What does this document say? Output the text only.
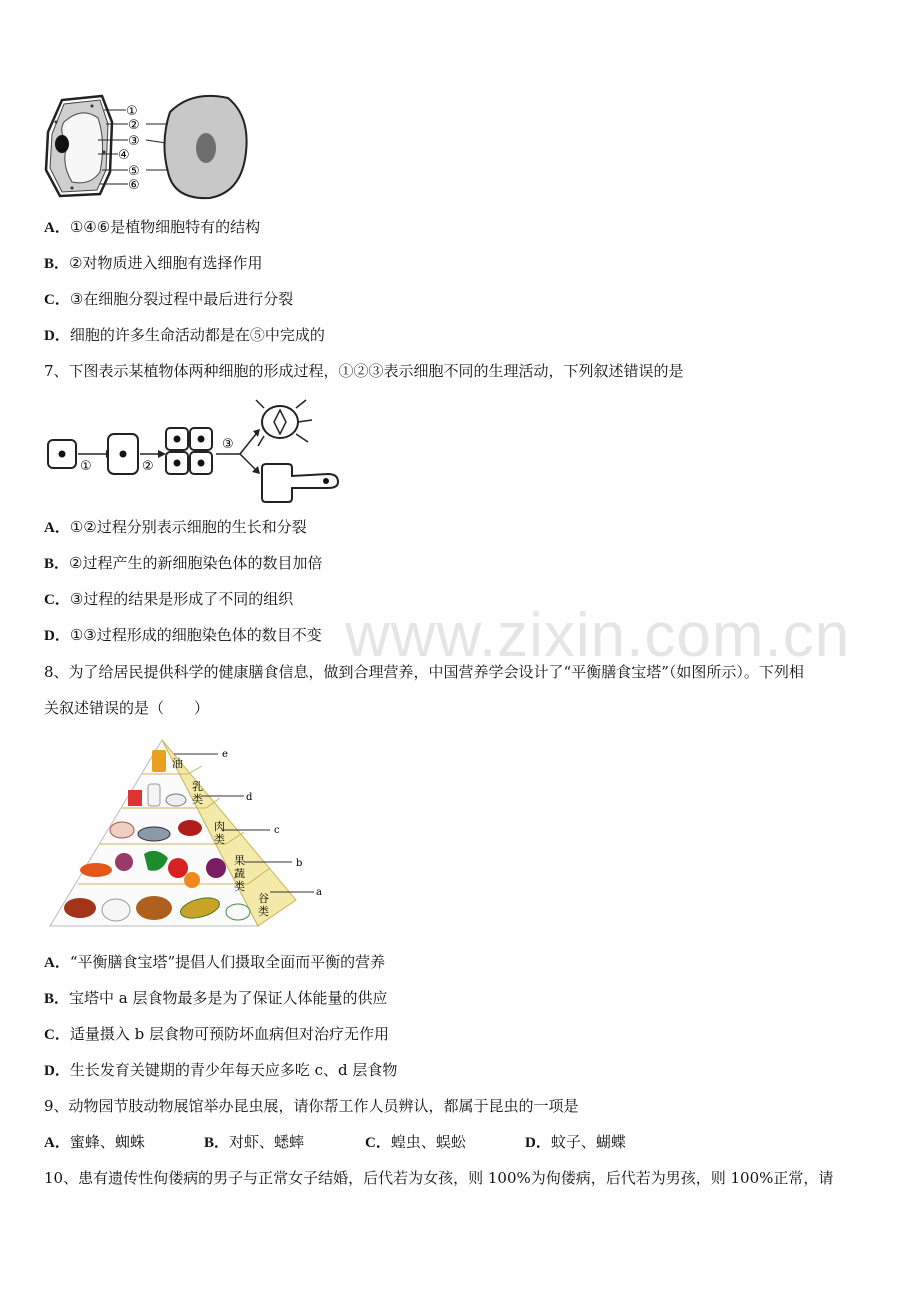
①
②
③
④
⑤
⑥
A．①④⑥是植物细胞特有的结构
B．②对物质进入细胞有选择作用
C．③在细胞分裂过程中最后进行分裂
D．细胞的许多生命活动都是在⑤中完成的
7、下图表示某植物体两种细胞的形成过程，①②③表示细胞不同的生理活动，下列叙述错误的是
①	②
③
A．①②过程分别表示细胞的生长和分裂
B．②过程产生的新细胞染色体的数目加倍
C．③过程的结果是形成了不同的组织
D．①③过程形成的细胞染色体的数目不变
8、为了给居民提供科学的健康膳食信息，做到合理营养，中国营养学会设计了“平衡膳食宝塔”（如图所示）。下列相
关叙述错误的是（　　）
油
乳类
肉类
果蔬类
谷类
e
d
c
b
a
A．“平衡膳食宝塔”提倡人们摄取全面而平衡的营养
B．宝塔中 a 层食物最多是为了保证人体能量的供应
C．适量摄入 b 层食物可预防坏血病但对治疗无作用
D．生长发育关键期的青少年每天应多吃 c、d 层食物
9、动物园节肢动物展馆举办昆虫展，请你帮工作人员辨认，都属于昆虫的一项是
A．蜜蜂、蜘蛛	B．对虾、蟋蟀	C．蝗虫、蜈蚣	D．蚊子、蝴蝶
10、患有遗传性佝偻病的男子与正常女子结婚，后代若为女孩，则 100%为佝偻病，后代若为男孩，则 100%正常，请
www.zixin.com.cn
